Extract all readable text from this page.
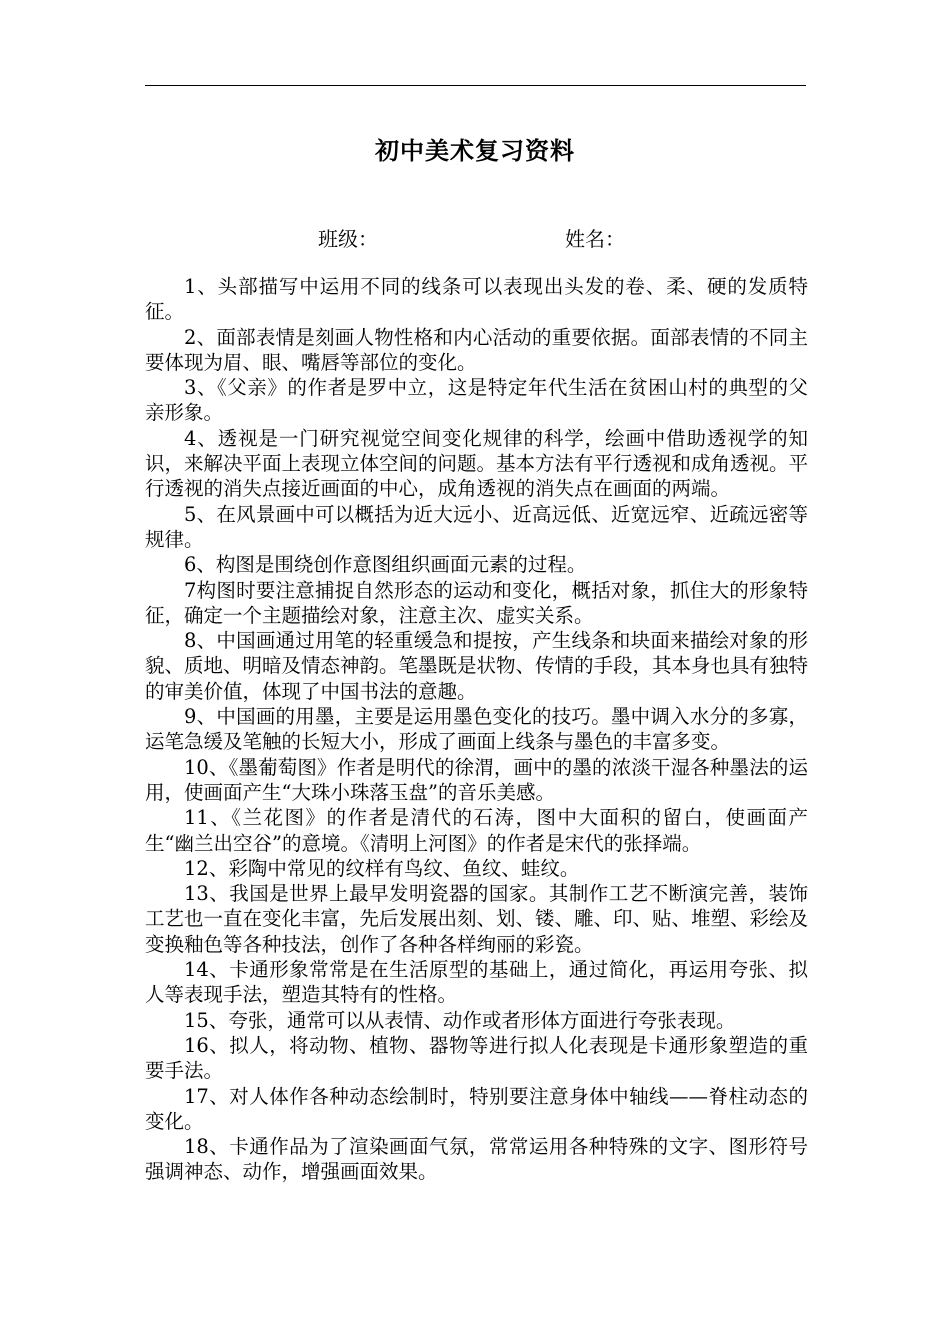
初中美术复习资料
班级：	姓名：

1、头部描写中运用不同的线条可以表现出头发的卷、柔、硬的发质特征。

2、面部表情是刻画人物性格和内心活动的重要依据。面部表情的不同主要体现为眉、眼、嘴唇等部位的变化。

3、《父亲》的作者是罗中立，这是特定年代生活在贫困山村的典型的父亲形象。

4、透视是一门研究视觉空间变化规律的科学，绘画中借助透视学的知识，来解决平面上表现立体空间的问题。基本方法有平行透视和成角透视。平行透视的消失点接近画面的中心，成角透视的消失点在画面的两端。

5、在风景画中可以概括为近大远小、近高远低、近宽远窄、近疏远密等规律。

6、构图是围绕创作意图组织画面元素的过程。

7构图时要注意捕捉自然形态的运动和变化，概括对象，抓住大的形象特征，确定一个主题描绘对象，注意主次、虚实关系。

8、中国画通过用笔的轻重缓急和提按，产生线条和块面来描绘对象的形貌、质地、明暗及情态神韵。笔墨既是状物、传情的手段，其本身也具有独特的审美价值，体现了中国书法的意趣。

9、中国画的用墨，主要是运用墨色变化的技巧。墨中调入水分的多寡，运笔急缓及笔触的长短大小，形成了画面上线条与墨色的丰富多变。

10、《墨葡萄图》作者是明代的徐渭，画中的墨的浓淡干湿各种墨法的运用，使画面产生“大珠小珠落玉盘”的音乐美感。

11、《兰花图》的作者是清代的石涛，图中大面积的留白，使画面产生“幽兰出空谷”的意境。《清明上河图》的作者是宋代的张择端。

12、彩陶中常见的纹样有鸟纹、鱼纹、蛙纹。

13、我国是世界上最早发明瓷器的国家。其制作工艺不断演完善，装饰工艺也一直在变化丰富，先后发展出刻、划、镂、雕、印、贴、堆塑、彩绘及变换釉色等各种技法，创作了各种各样绚丽的彩瓷。

14、卡通形象常常是在生活原型的基础上，通过简化，再运用夸张、拟人等表现手法，塑造其特有的性格。

15、夸张，通常可以从表情、动作或者形体方面进行夸张表现。

16、拟人，将动物、植物、器物等进行拟人化表现是卡通形象塑造的重要手法。

17、对人体作各种动态绘制时，特别要注意身体中轴线——脊柱动态的变化。

18、卡通作品为了渲染画面气氛，常常运用各种特殊的文字、图形符号强调神态、动作，增强画面效果。
